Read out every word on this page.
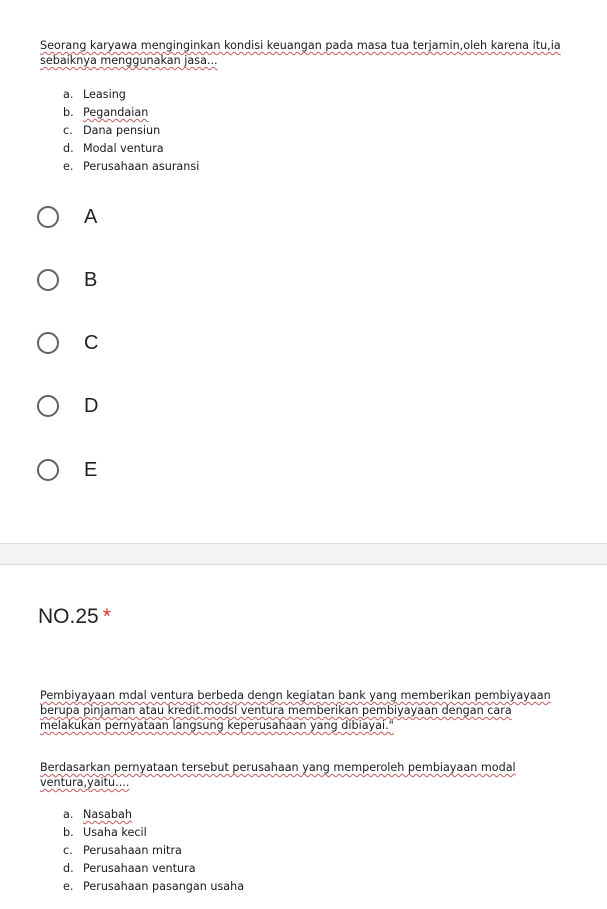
Seorang karyawa menginginkan kondisi keuangan pada masa tua terjamin,oleh karena itu,ia

sebaiknya menggunakan jasa...

a. Leasing
b. Pegandaian
c. Dana pensiun
d. Modal ventura
e. Perusahaan asuransi
A
B
C
D
E
NO.25 *

Pembiyayaan mdal ventura berbeda dengn kegiatan bank yang memberikan pembiyayaan

berupa pinjaman atau kredit.modsl ventura memberikan pembiyayaan dengan cara

melakukan pernyataan langsung keperusahaan yang dibiayai."

Berdasarkan pernyataan tersebut perusahaan yang memperoleh pembiayaan modal

ventura,yaitu....

a. Nasabah
b. Usaha kecil
c. Perusahaan mitra
d. Perusahaan ventura
e. Perusahaan pasangan usaha
